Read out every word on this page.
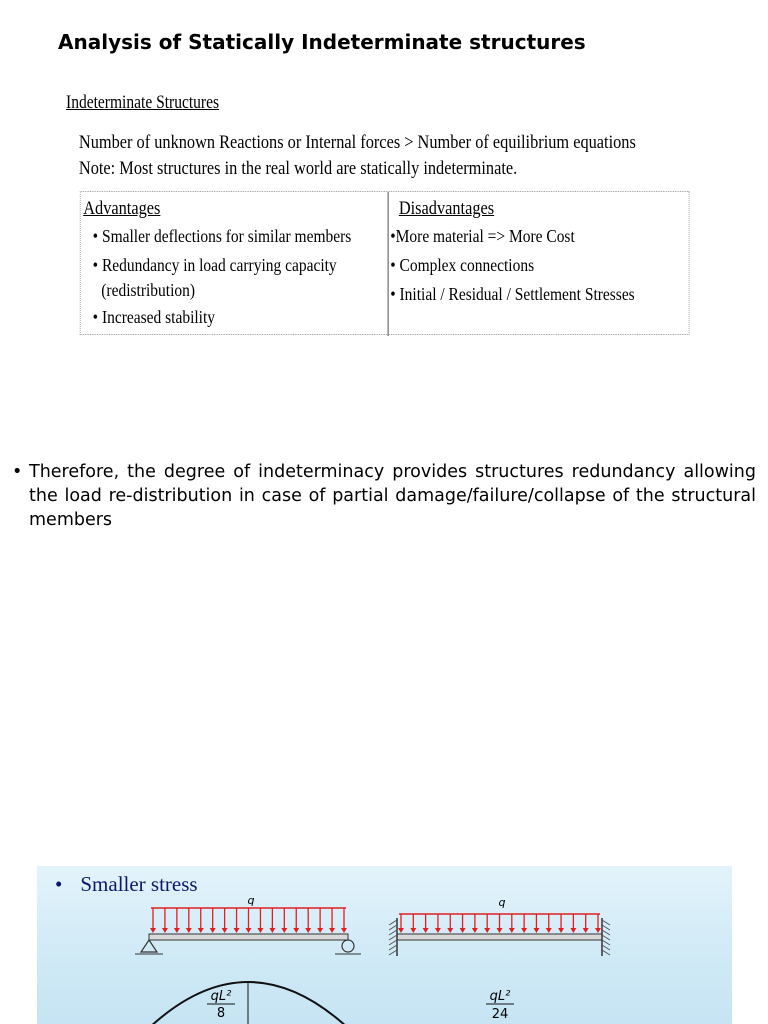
Analysis of Statically Indeterminate structures
Indeterminate Structures
Number of unknown Reactions or Internal forces > Number of equilibrium equations
Note: Most structures in the real world are statically indeterminate.
Advantages	Disadvantages
• Smaller deflections for similar members
• Redundancy in load carrying capacity
(redistribution)
• Increased stability
•More material => More Cost
• Complex connections
• Initial / Residual / Settlement Stresses
• Therefore, the degree of indeterminacy provides structures redundancy allowing the load re-distribution in case of partial damage/failure/collapse of the structural members
• Smaller stress
q
qL²
8
q
qL²
24
